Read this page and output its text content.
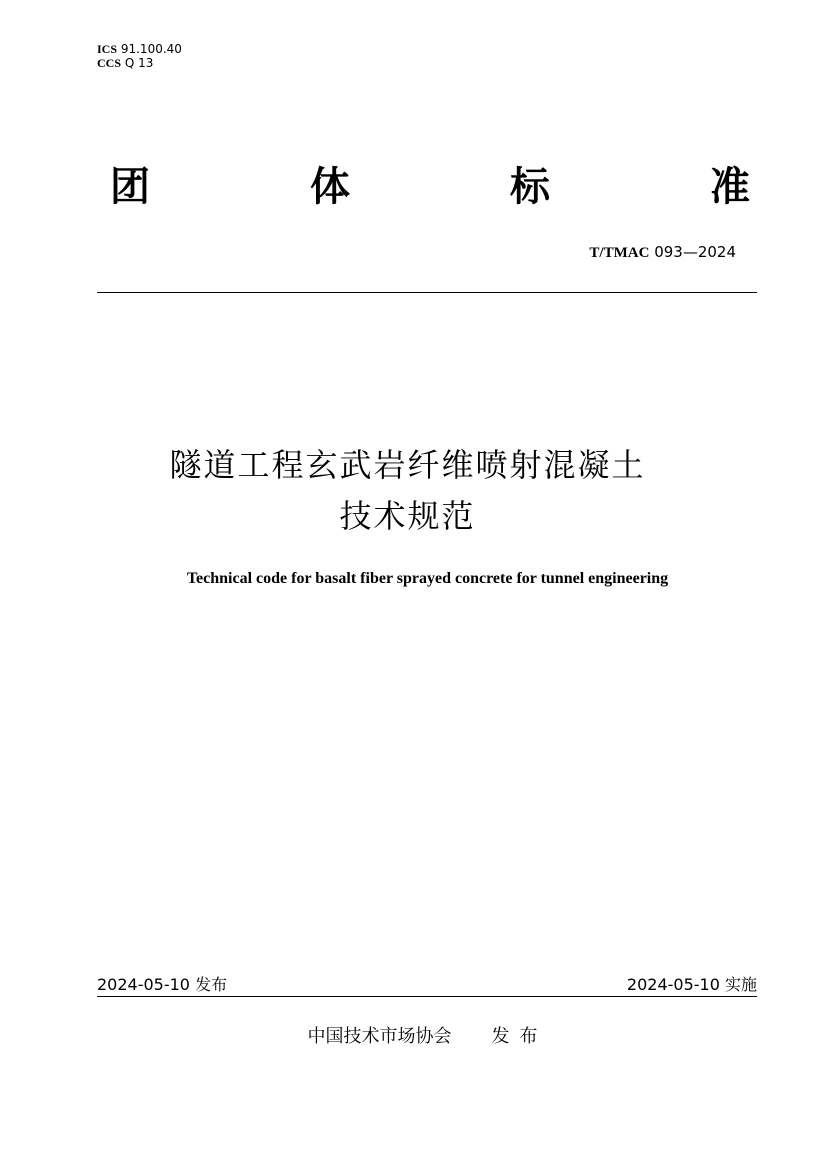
ICS 91.100.40
CCS Q 13
团	体	标	准
T/TMAC 093—2024
隧道工程玄武岩纤维喷射混凝土
技术规范
Technical code for basalt fiber sprayed concrete for tunnel engineering
2024-05-10 发布	2024-05-10 实施
中国技术市场协会 发布
